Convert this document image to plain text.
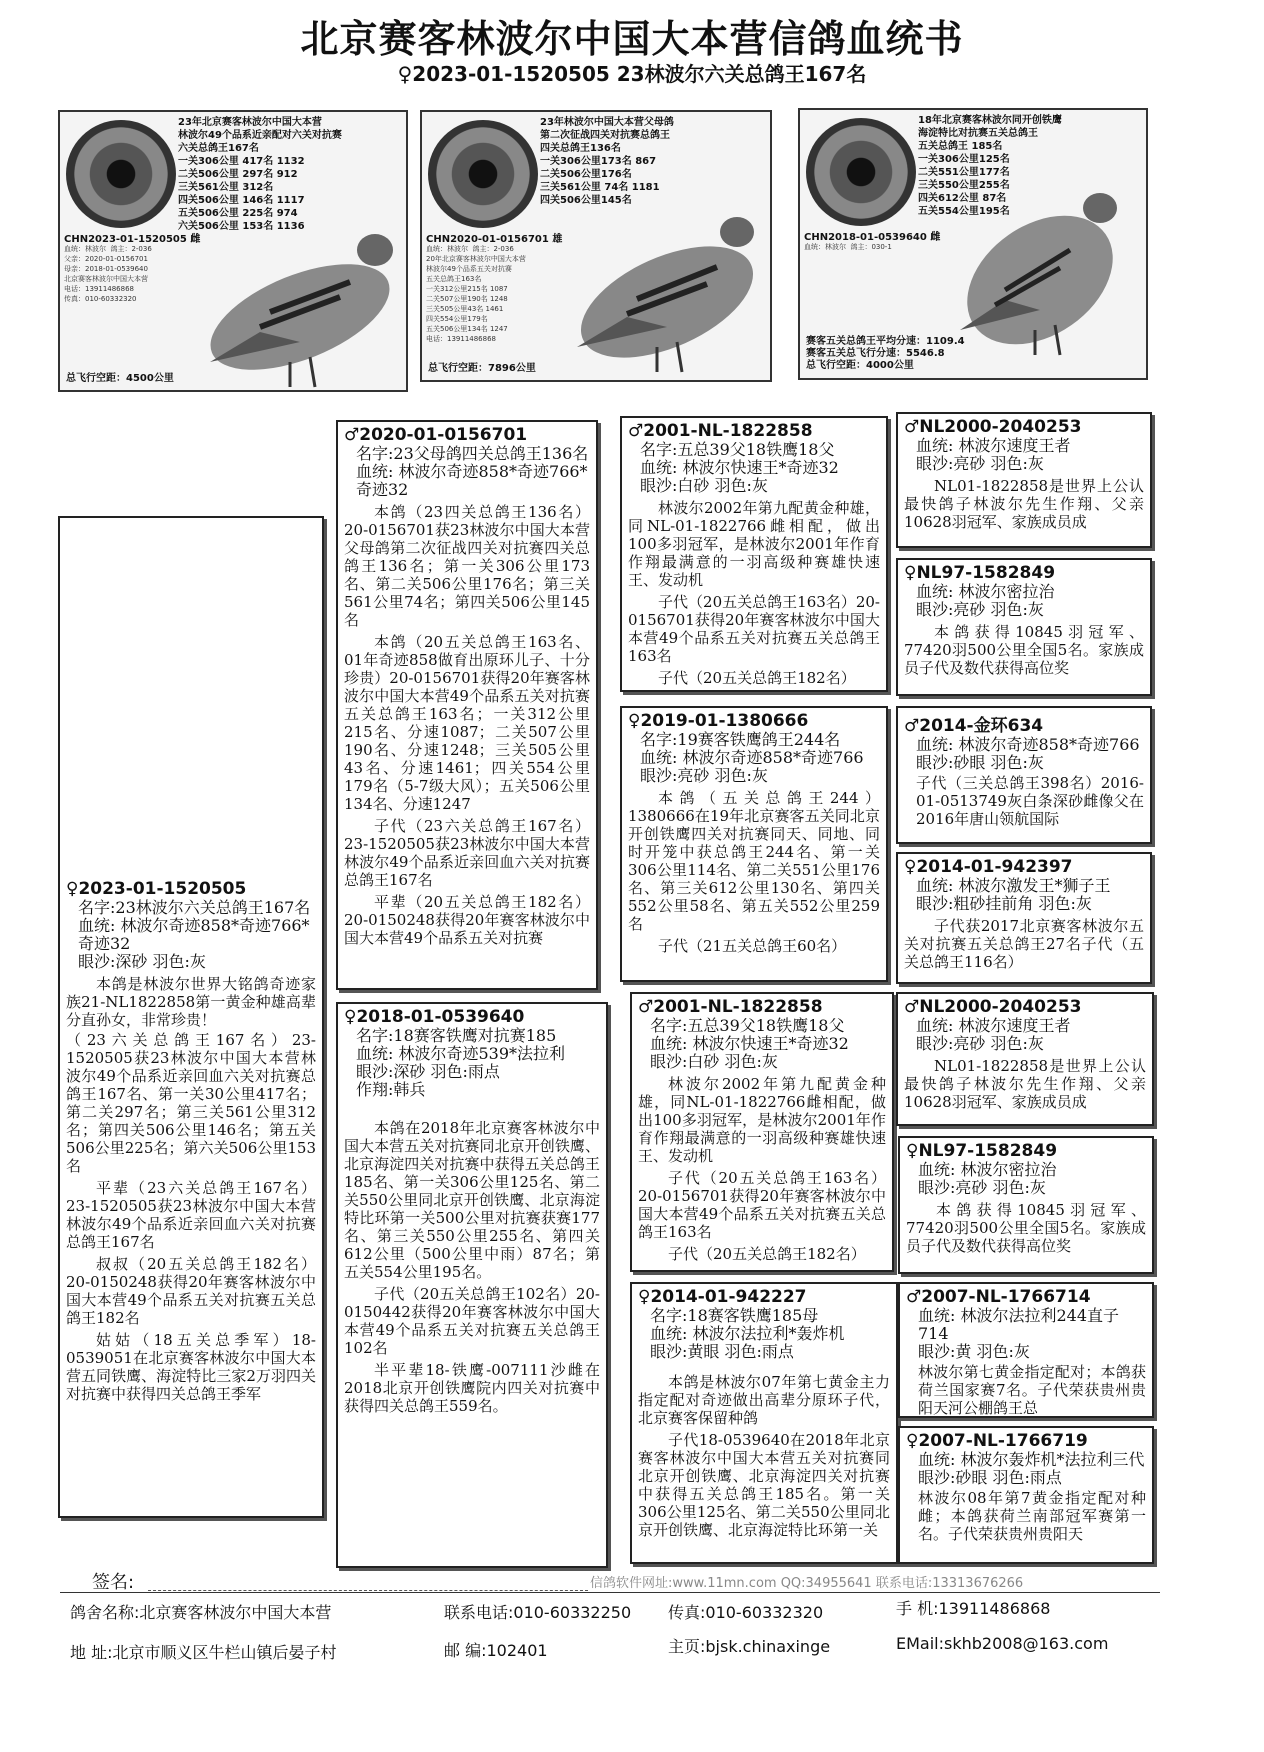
北京赛客林波尔中国大本营信鸽血统书
♀2023-01-1520505 23林波尔六关总鸽王167名
23年北京赛客林波尔中国大本营
林波尔49个品系近亲配对六关对抗赛
六关总鸽王167名
一关306公里 417名 1132
二关506公里 297名 912
三关561公里 312名
四关506公里 146名 1117
五关506公里 225名 974
六关506公里 153名 1136
CHN2023-01-1520505 雌
血统：林波尔  鸽主：2-036
父亲：2020-01-0156701
母亲：2018-01-0539640
北京赛客林波尔中国大本营
电话：13911486868
传真：010-60332320
总飞行空距：4500公里
23年林波尔中国大本营父母鸽
第二次征战四关对抗赛总鸽王
四关总鸽王136名
一关306公里173名 867
二关506公里176名
三关561公里 74名 1181
四关506公里145名
CHN2020-01-0156701 雄
血统：林波尔  鸽主：2-036
20年北京赛客林波尔中国大本营
林波尔49个品系五关对抗赛
五关总鸽王163名
一关312公里215名 1087
二关507公里190名 1248
三关505公里43名 1461
四关554公里179名
五关506公里134名 1247
电话：13911486868
总飞行空距：7896公里
18年北京赛客林波尔同开创铁鹰
海淀特比对抗赛五关总鸽王
五关总鸽王 185名
一关306公里125名
二关551公里177名
三关550公里255名
四关612公里 87名
五关554公里195名
CHN2018-01-0539640 雌
血统：林波尔  鸽主：030-1
赛客五关总鸽王平均分速：1109.4
赛客五关总飞行分速：5546.8
总飞行空距：4000公里
♀2023-01-1520505
名字:23林波尔六关总鸽王167名
血统: 林波尔奇迹858*奇迹766*奇迹32
眼沙:深砂 羽色:灰
本鸽是林波尔世界大铭鸽奇迹家族21-NL1822858第一黄金种雄高辈分直孙女，非常珍贵！
（23六关总鸽王167名）23-1520505获23林波尔中国大本营林波尔49个品系近亲回血六关对抗赛总鸽王167名、第一关30公里417名；第二关297名；第三关561公里312名；第四关506公里146名；第五关506公里225名；第六关506公里153名
平辈（23六关总鸽王167名）23-1520505获23林波尔中国大本营林波尔49个品系近亲回血六关对抗赛总鸽王167名
叔叔（20五关总鸽王182名）20-0150248获得20年赛客林波尔中国大本营49个品系五关对抗赛五关总鸽王182名
姑姑（18五关总季军）18-0539051在北京赛客林波尔中国大本营五同铁鹰、海淀特比三家2万羽四关对抗赛中获得四关总鸽王季军
♂2020-01-0156701
名字:23父母鸽四关总鸽王136名
血统: 林波尔奇迹858*奇迹766*奇迹32
本鸽（23四关总鸽王136名）20-0156701获23林波尔中国大本营父母鸽第二次征战四关对抗赛四关总鸽王136名；第一关306公里173名、第二关506公里176名；第三关561公里74名；第四关506公里145名
本鸽（20五关总鸽王163名、01年奇迹858做育出原环儿子、十分珍贵）20-0156701获得20年赛客林波尔中国大本营49个品系五关对抗赛五关总鸽王163名；一关312公里215名、分速1087；二关507公里190名、分速1248；三关505公里43名、分速1461；四关554公里179名（5-7级大风）；五关506公里134名、分速1247
子代（23六关总鸽王167名）23-1520505获23林波尔中国大本营林波尔49个品系近亲回血六关对抗赛总鸽王167名
平辈（20五关总鸽王182名）20-0150248获得20年赛客林波尔中国大本营49个品系五关对抗赛
♀2018-01-0539640
名字:18赛客铁鹰对抗赛185
血统: 林波尔奇迹539*法拉利
眼沙:深砂 羽色:雨点
作翔:韩兵
本鸽在2018年北京赛客林波尔中国大本营五关对抗赛同北京开创铁鹰、北京海淀四关对抗赛中获得五关总鸽王185名、第一关306公里125名、第二关550公里同北京开创铁鹰、北京海淀特比环第一关500公里对抗赛获赛177名、第三关550公里255名、第四关612公里（500公里中雨）87名；第五关554公里195名。
子代（20五关总鸽王102名）20-0150442获得20年赛客林波尔中国大本营49个品系五关对抗赛五关总鸽王102名
半平辈18-铁鹰-007111沙雌在2018北京开创铁鹰院内四关对抗赛中获得四关总鸽王559名。
♂2001-NL-1822858
名字:五总39父18铁鹰18父
血统: 林波尔快速王*奇迹32
眼沙:白砂 羽色:灰
林波尔2002年第九配黄金种雄，同NL-01-1822766雌相配，做出100多羽冠军，是林波尔2001年作育作翔最满意的一羽高级种赛雄快速王、发动机
子代（20五关总鸽王163名）20-0156701获得20年赛客林波尔中国大本营49个品系五关对抗赛五关总鸽王163名
子代（20五关总鸽王182名）
♀2019-01-1380666
名字:19赛客铁鹰鸽王244名
血统: 林波尔奇迹858*奇迹766
眼沙:亮砂 羽色:灰
本鸽（五关总鸽王244）1380666在19年北京赛客五关同北京开创铁鹰四关对抗赛同天、同地、同时开笼中获总鸽王244名、第一关306公里114名、第二关551公里176名、第三关612公里130名、第四关552公里58名、第五关552公里259名
子代（21五关总鸽王60名）
♂2001-NL-1822858
名字:五总39父18铁鹰18父
血统: 林波尔快速王*奇迹32
眼沙:白砂 羽色:灰
林波尔2002年第九配黄金种雄，同NL-01-1822766雌相配，做出100多羽冠军，是林波尔2001年作育作翔最满意的一羽高级种赛雄快速王、发动机
子代（20五关总鸽王163名）20-0156701获得20年赛客林波尔中国大本营49个品系五关对抗赛五关总鸽王163名
子代（20五关总鸽王182名）
♀2014-01-942227
名字:18赛客铁鹰185母
血统: 林波尔法拉利*轰炸机
眼沙:黄眼 羽色:雨点
本鸽是林波尔07年第七黄金主力指定配对奇迹做出高辈分原环子代，北京赛客保留种鸽
子代18-0539640在2018年北京赛客林波尔中国大本营五关对抗赛同北京开创铁鹰、北京海淀四关对抗赛中获得五关总鸽王185名。第一关306公里125名、第二关550公里同北京开创铁鹰、北京海淀特比环第一关
♂NL2000-2040253
血统: 林波尔速度王者
眼沙:亮砂 羽色:灰
NL01-1822858是世界上公认最快鸽子林波尔先生作翔、父亲10628羽冠军、家族成员成
♀NL97-1582849
血统: 林波尔密拉治
眼沙:亮砂 羽色:灰
本鸽获得10845羽冠军、77420羽500公里全国5名。家族成员子代及数代获得高位奖
♂2014-金环634
血统: 林波尔奇迹858*奇迹766
眼沙:砂眼 羽色:灰
子代（三关总鸽王398名）2016-01-0513749灰白条深砂雌像父在2016年唐山领航国际
♀2014-01-942397
血统: 林波尔激发王*狮子王
眼沙:粗砂挂前角 羽色:灰
子代获2017北京赛客林波尔五关对抗赛五关总鸽王27名子代（五关总鸽王116名）
♂NL2000-2040253
血统: 林波尔速度王者
眼沙:亮砂 羽色:灰
NL01-1822858是世界上公认最快鸽子林波尔先生作翔、父亲10628羽冠军、家族成员成
♀NL97-1582849
血统: 林波尔密拉治
眼沙:亮砂 羽色:灰
本鸽获得10845羽冠军、77420羽500公里全国5名。家族成员子代及数代获得高位奖
♂2007-NL-1766714
血统: 林波尔法拉利244直子714
眼沙:黄 羽色:灰
林波尔第七黄金指定配对；本鸽获荷兰国家赛7名。子代荣获贵州贵阳天河公棚鸽王总
♀2007-NL-1766719
血统: 林波尔轰炸机*法拉利三代
眼沙:砂眼 羽色:雨点
林波尔08年第7黄金指定配对种雌；本鸽获荷兰南部冠军赛第一名。子代荣获贵州贵阳天
签名:	信鸽软件网址:www.11mn.com QQ:34955641 联系电话:13313676266
鸽舍名称:北京赛客林波尔中国大本营	联系电话:010-60332250 传真:010-60332320	手 机:13911486868
地 址:北京市顺义区牛栏山镇后晏子村	邮 编:102401	主页:bjsk.chinaxinge	EMail:skhb2008@163.com
